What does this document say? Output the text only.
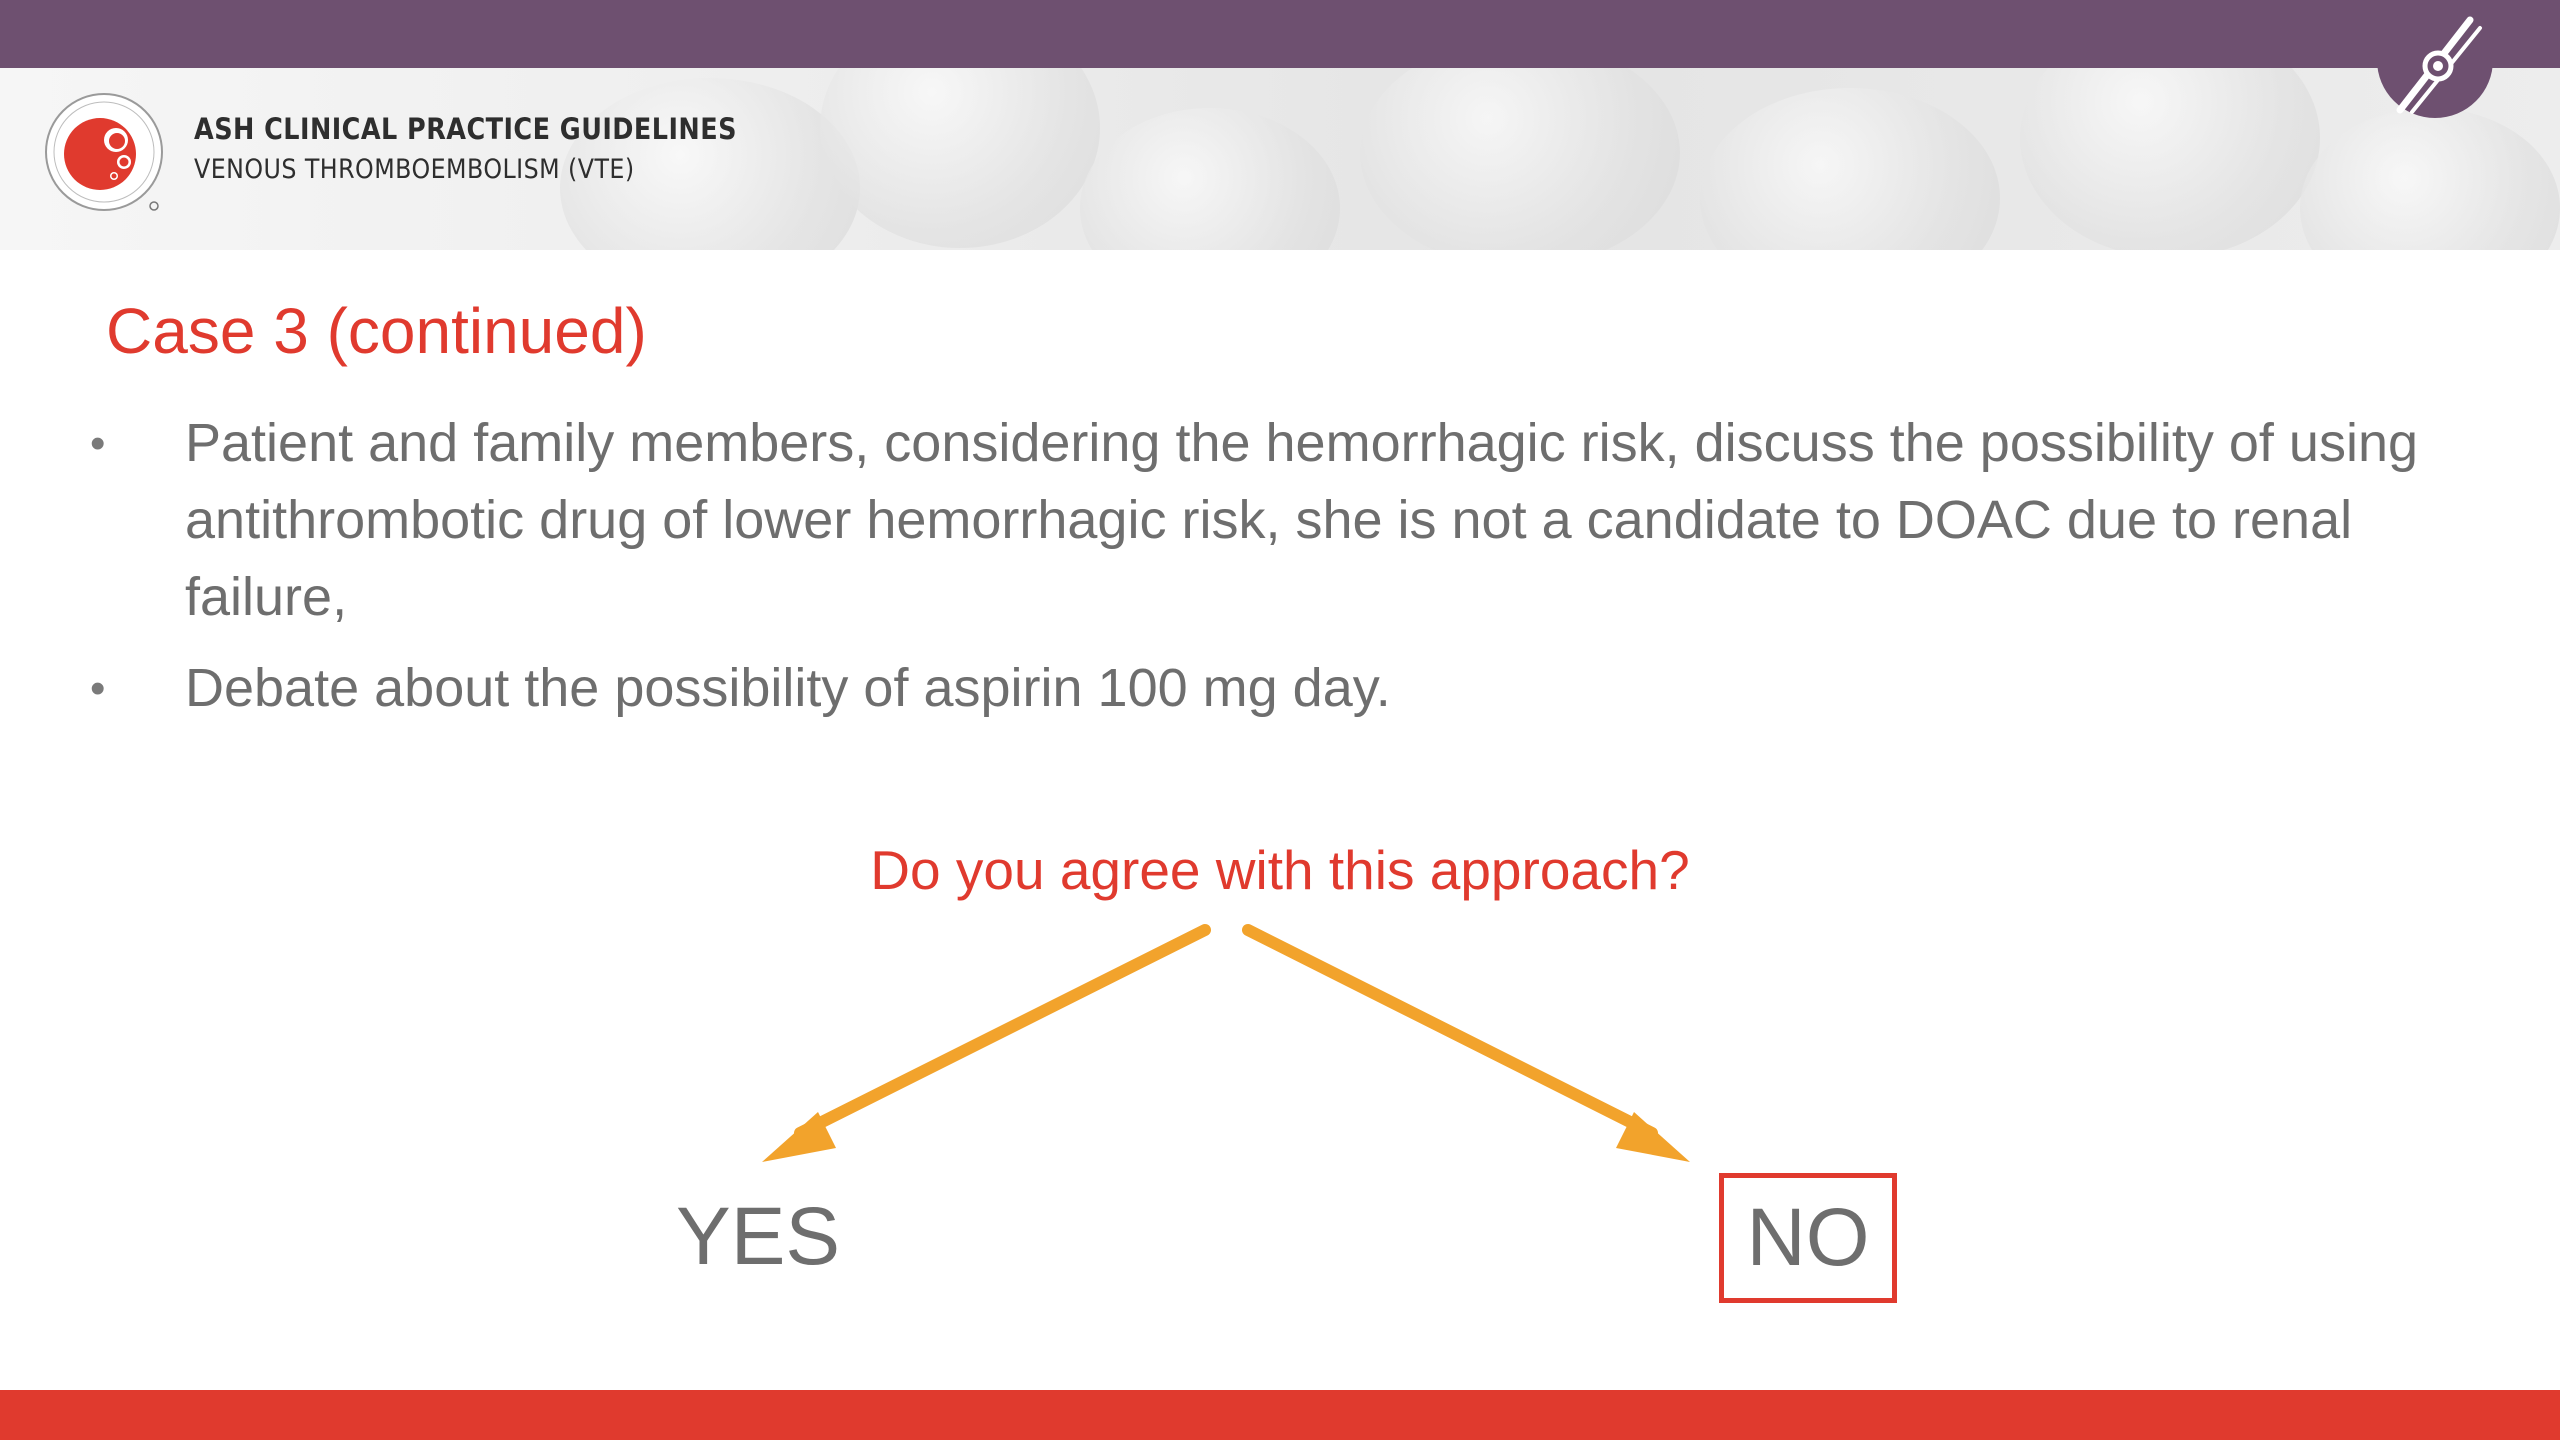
ASH CLINICAL PRACTICE GUIDELINES
VENOUS THROMBOEMBOLISM (VTE)
Case 3 (continued)
• Patient and family members, considering the hemorrhagic risk, discuss the possibility of using antithrombotic drug of lower hemorrhagic risk, she is not a candidate to DOAC due to renal failure,
• Debate about the possibility of aspirin 100 mg day.
Do you agree with this approach?
YES	NO
